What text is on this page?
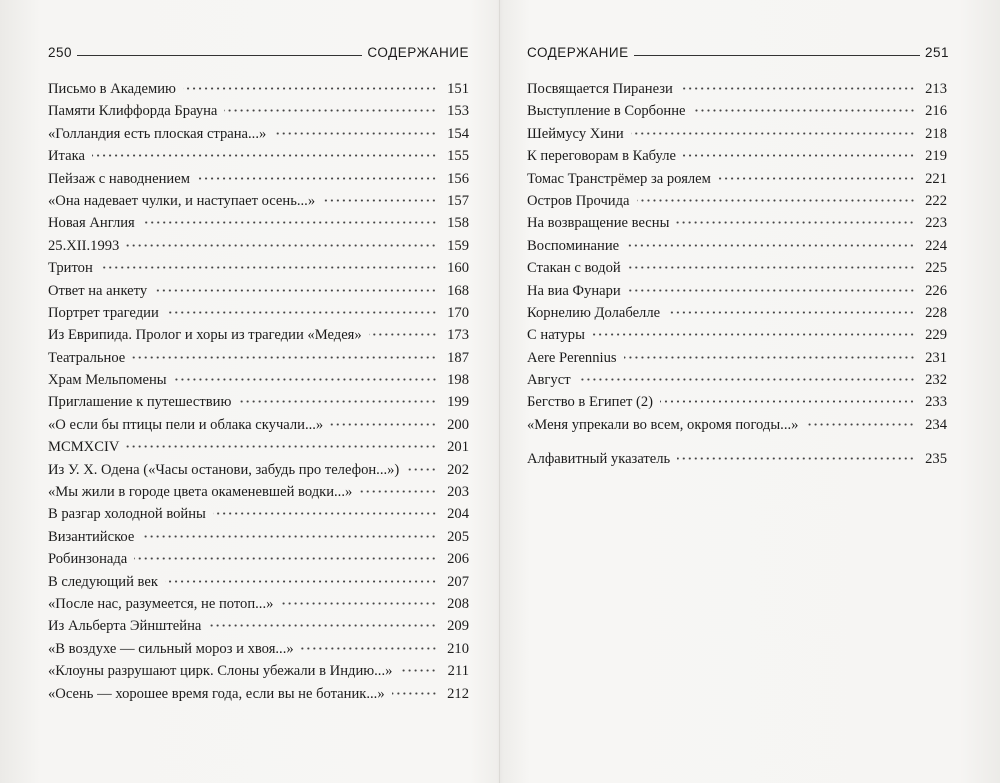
250	СОДЕРЖАНИЕ	СОДЕРЖАНИЕ	251
Письмо в Академию	151
Памяти Клиффорда Брауна	153
«Голландия есть плоская страна...»	154
Итака	155
Пейзаж с наводнением	156
«Она надевает чулки, и наступает осень...»	157
Новая Англия	158
25.XII.1993	159
Тритон	160
Ответ на анкету	168
Портрет трагедии	170
Из Еврипида. Пролог и хоры из трагедии «Медея»	173
Театральное	187
Храм Мельпомены	198
Приглашение к путешествию	199
«О если бы птицы пели и облака скучали...»	200
MCMXCIV	201
Из У. Х. Одена («Часы останови, забудь про телефон...»)	202
«Мы жили в городе цвета окаменевшей водки...»	203
В разгар холодной войны	204
Византийское	205
Робинзонада	206
В следующий век	207
«После нас, разумеется, не потоп...»	208
Из Альберта Эйнштейна	209
«В воздухе — сильный мороз и хвоя...»	210
«Клоуны разрушают цирк. Слоны убежали в Индию...»	211
«Осень — хорошее время года, если вы не ботаник...»	212
Посвящается Пиранези	213
Выступление в Сорбонне	216
Шеймусу Хини	218
К переговорам в Кабуле	219
Томас Транстрёмер за роялем	221
Остров Прочида	222
На возвращение весны	223
Воспоминание	224
Стакан с водой	225
На виа Фунари	226
Корнелию Долабелле	228
С натуры	229
Aere Perennius	231
Август	232
Бегство в Египет (2)	233
«Меня упрекали во всем, окромя погоды...»	234
Алфавитный указатель	235
